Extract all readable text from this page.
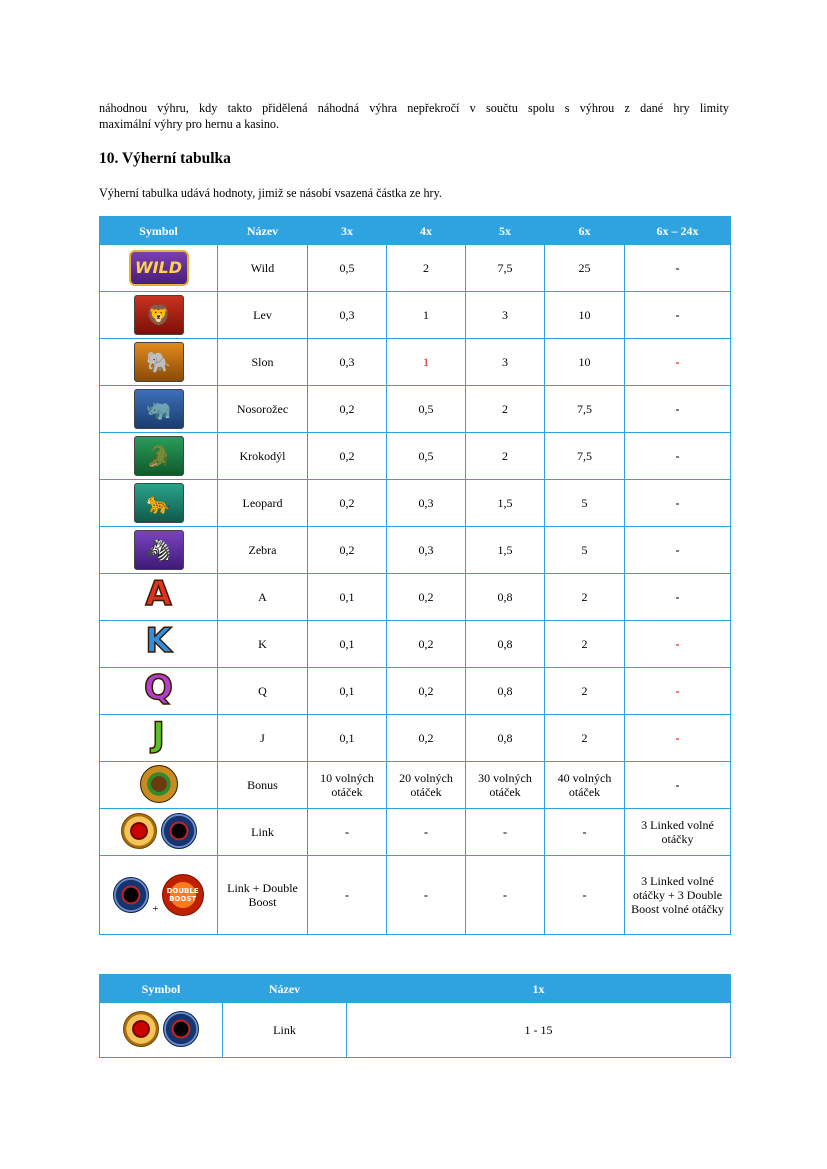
náhodnou výhru, kdy takto přidělená náhodná výhra nepřekročí v součtu spolu s výhrou z dané hry limity
maximální výhry pro hernu a kasino.
10. Výherní tabulka
Výherní tabulka udává hodnoty, jimiž se násobí vsazená částka ze hry.
Symbol	Název	3x	4x	5x	6x	6x – 24x
WILD	Wild	0,5	2	7,5	25	-
🦁	Lev	0,3	1	3	10	-
🐘	Slon	0,3	1	3	10	-
🦏	Nosorožec	0,2	0,5	2	7,5	-
🐊	Krokodýl	0,2	0,5	2	7,5	-
🐆	Leopard	0,2	0,3	1,5	5	-
🦓	Zebra	0,2	0,3	1,5	5	-
A	A	0,1	0,2	0,8	2	-
K	K	0,1	0,2	0,8	2	-
Q	Q	0,1	0,2	0,8	2	-
J	J	0,1	0,2	0,8	2	-
	Bonus	10 volných otáček	20 volných otáček	30 volných otáček	40 volných otáček	-

	Link	-	-	-	-	3 Linked volné otáčky

+
DOUBLE BOOST	Link + Double Boost	-	-	-	-	3 Linked volné otáčky + 3 Double Boost volné otáčky
Symbol	Název	1x

	Link	1 - 15
